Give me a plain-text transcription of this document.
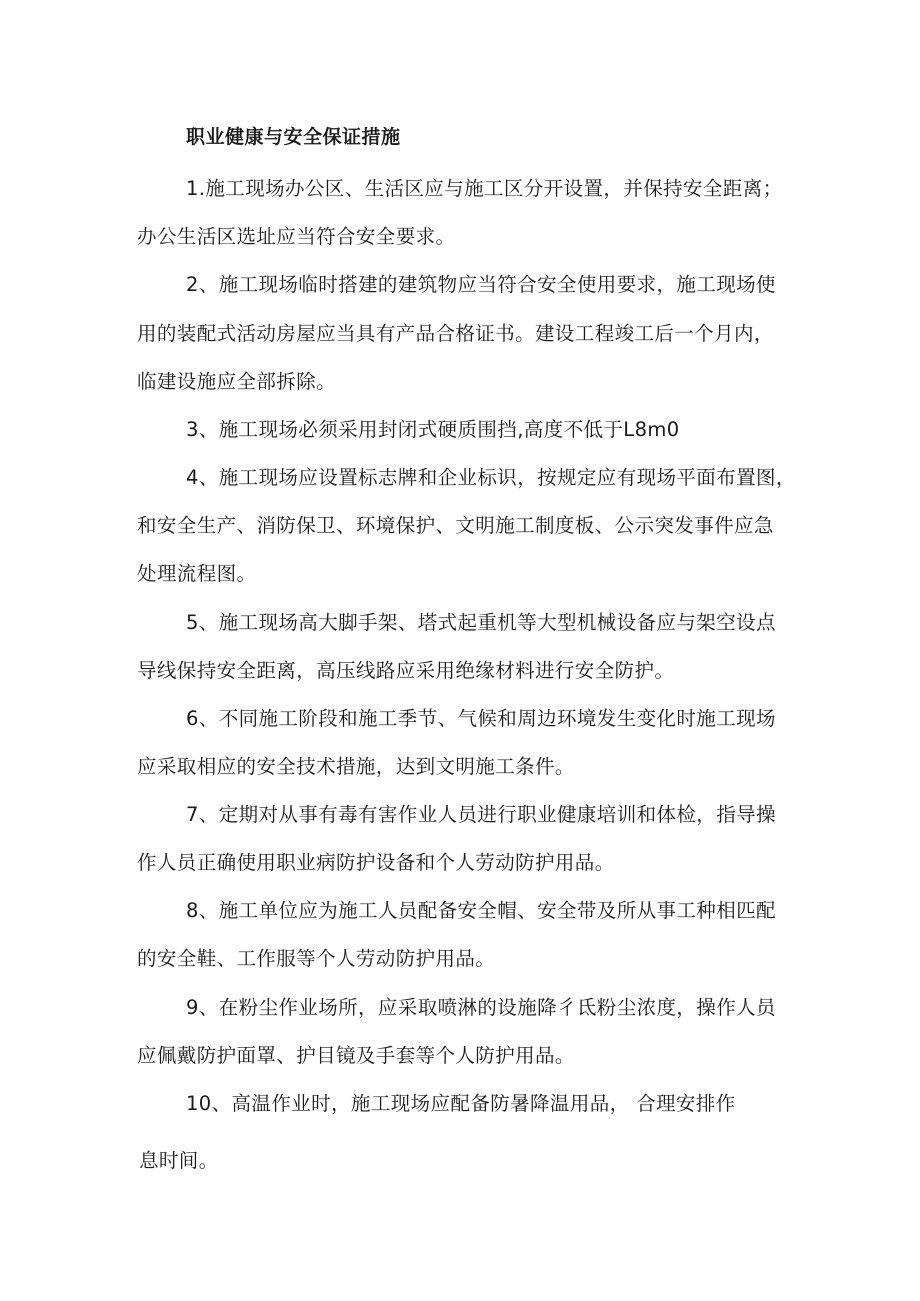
职业健康与安全保证措施
1.施工现场办公区、生活区应与施工区分开设置，并保持安全距离；
办公生活区选址应当符合安全要求。
2、施工现场临时搭建的建筑物应当符合安全使用要求，施工现场使
用的装配式活动房屋应当具有产品合格证书。建设工程竣工后一个月内，
临建设施应全部拆除。
3、施工现场必须采用封闭式硬质围挡,高度不低于L8m0
4、施工现场应设置标志牌和企业标识，按规定应有现场平面布置图，
和安全生产、消防保卫、环境保护、文明施工制度板、公示突发事件应急
处理流程图。
5、施工现场高大脚手架、塔式起重机等大型机械设备应与架空设点
导线保持安全距离，高压线路应采用绝缘材料进行安全防护。
6、不同施工阶段和施工季节、气候和周边环境发生变化时施工现场
应采取相应的安全技术措施，达到文明施工条件。
7、定期对从事有毒有害作业人员进行职业健康培训和体检，指导操
作人员正确使用职业病防护设备和个人劳动防护用品。
8、施工单位应为施工人员配备安全帽、安全带及所从事工种相匹配
的安全鞋、工作服等个人劳动防护用品。
9、在粉尘作业场所，应采取喷淋的设施降彳氐粉尘浓度，操作人员
应佩戴防护面罩、护目镜及手套等个人防护用品。
10、高温作业时，施工现场应配备防暑降温用品， 合理安排作
息时间。
